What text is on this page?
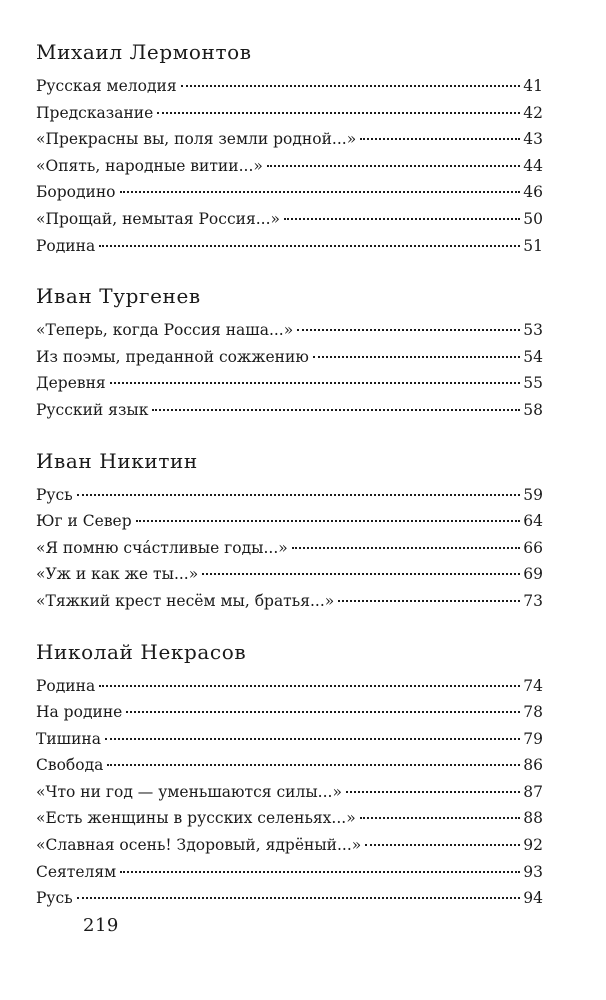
Михаил Лермонтов
Русская мелодия	41
Предсказание	42
«Прекрасны вы, поля земли родной...»	43
«Опять, народные витии...»	44
Бородино	46
«Прощай, немытая Россия...»	50
Родина	51
Иван Тургенев
«Теперь, когда Россия наша...»	53
Из поэмы, преданной сожжению	54
Деревня	55
Русский язык	58
Иван Никитин
Русь	59
Юг и Север	64
«Я помню счáстливые годы...»	66
«Уж и как же ты...»	69
«Тяжкий крест несём мы, братья...»	73
Николай Некрасов
Родина	74
На родине	78
Тишина	79
Свобода	86
«Что ни год — уменьшаются силы...»	87
«Есть женщины в русских селеньях...»	88
«Славная осень! Здоровый, ядрёный...»	92
Сеятелям	93
Русь	94
219
